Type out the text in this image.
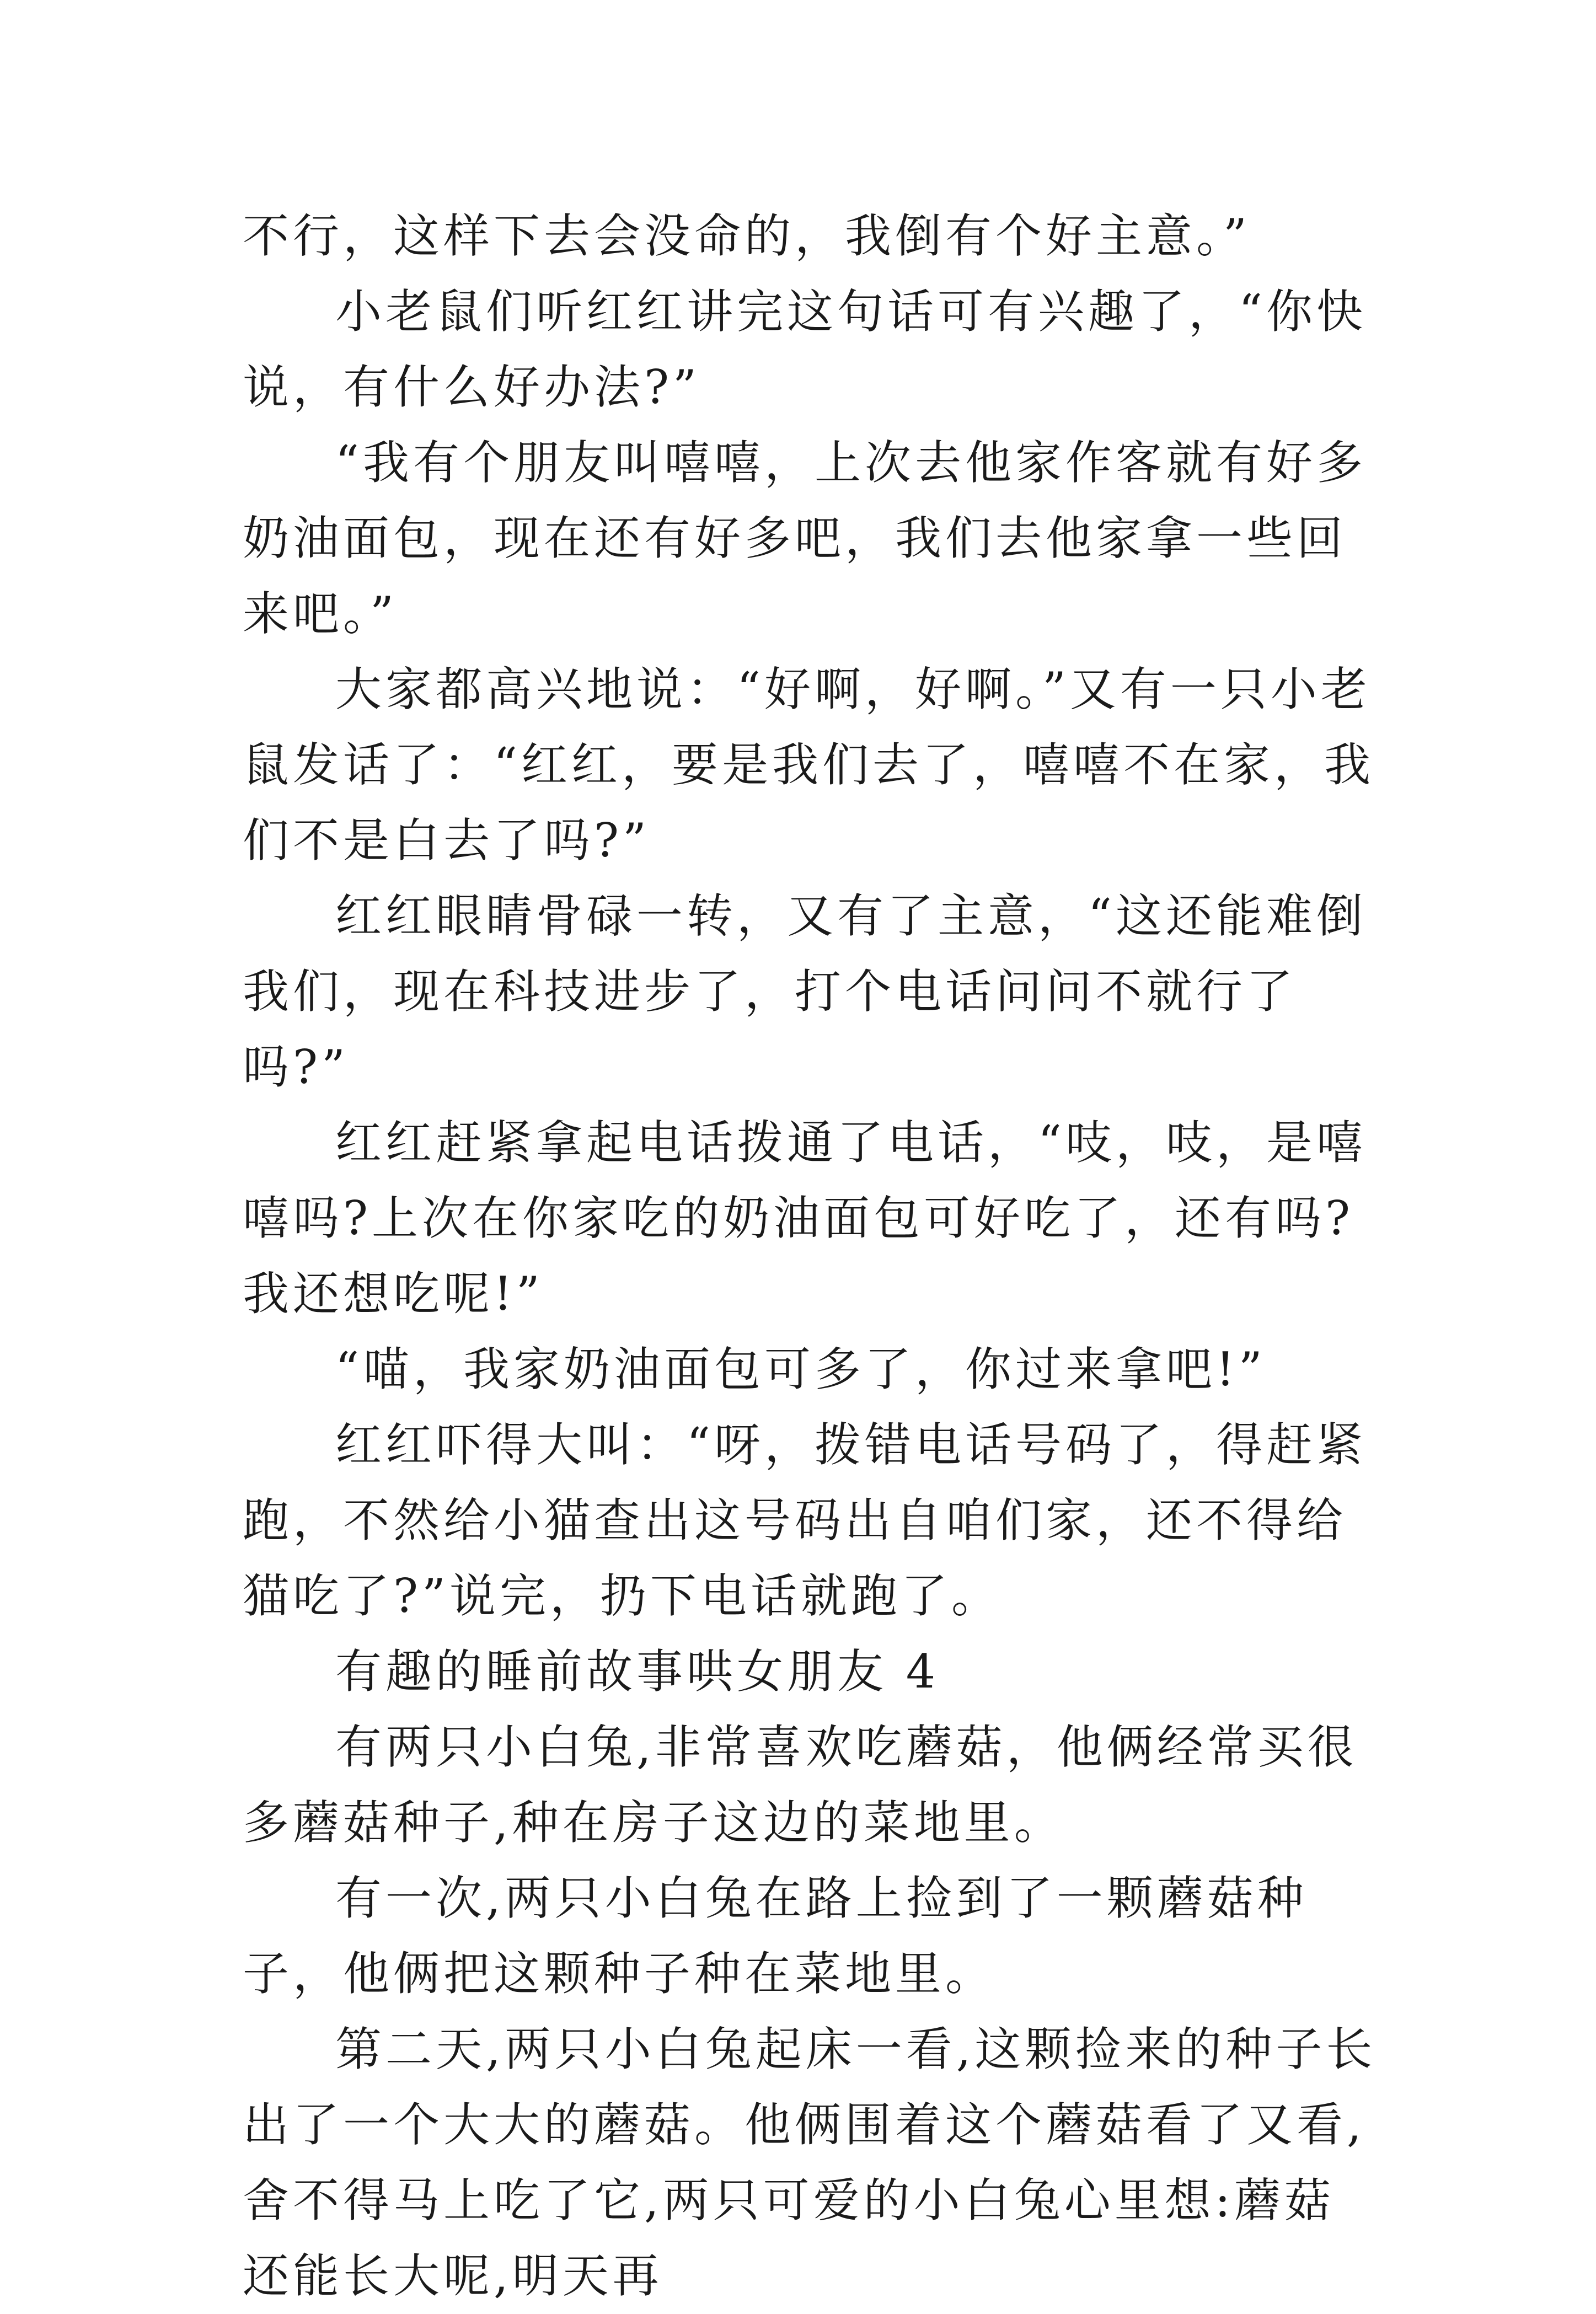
不行，这样下去会没命的，我倒有个好主意。”

小老鼠们听红红讲完这句话可有兴趣了，“你快说，有什么好办法?”

“我有个朋友叫嘻嘻，上次去他家作客就有好多奶油面包，现在还有好多吧，我们去他家拿一些回来吧。”

大家都高兴地说：“好啊，好啊。”又有一只小老鼠发话了：“红红，要是我们去了，嘻嘻不在家，我们不是白去了吗?”

红红眼睛骨碌一转，又有了主意，“这还能难倒我们，现在科技进步了，打个电话问问不就行了吗?”

红红赶紧拿起电话拨通了电话，“吱，吱，是嘻嘻吗?上次在你家吃的奶油面包可好吃了，还有吗?我还想吃呢!”

“喵，我家奶油面包可多了，你过来拿吧!”

红红吓得大叫：“呀，拨错电话号码了，得赶紧跑，不然给小猫查出这号码出自咱们家，还不得给猫吃了?”说完，扔下电话就跑了。

有趣的睡前故事哄女朋友 4

有两只小白兔,非常喜欢吃蘑菇，他俩经常买很多蘑菇种子,种在房子这边的菜地里。

有一次,两只小白兔在路上捡到了一颗蘑菇种子，他俩把这颗种子种在菜地里。

第二天,两只小白兔起床一看,这颗捡来的种子长出了一个大大的蘑菇。他俩围着这个蘑菇看了又看,舍不得马上吃了它,两只可爱的小白兔心里想:蘑菇还能长大呢,明天再
